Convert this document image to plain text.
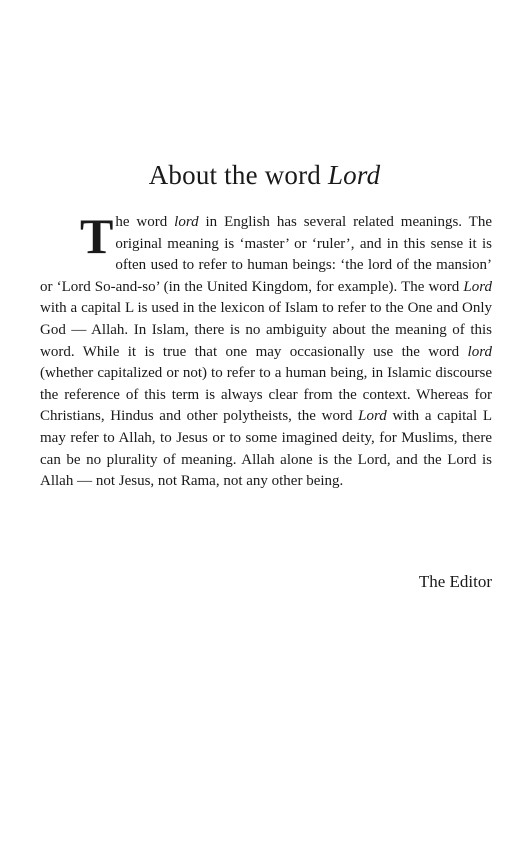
About the word Lord

The word lord in English has several related meanings. The original meaning is ‘master’ or ‘ruler’, and in this sense it is often used to refer to human beings: ‘the lord of the mansion’ or ‘Lord So-and-so’ (in the United Kingdom, for example). The word Lord with a capital L is used in the lexicon of Islam to refer to the One and Only God — Allah. In Islam, there is no ambiguity about the meaning of this word. While it is true that one may occasionally use the word lord (whether capitalized or not) to refer to a human being, in Islamic discourse the reference of this term is always clear from the context. Whereas for Christians, Hindus and other polytheists, the word Lord with a capital L may refer to Allah, to Jesus or to some imagined deity, for Muslims, there can be no plurality of meaning. Allah alone is the Lord, and the Lord is Allah — not Jesus, not Rama, not any other being.

The Editor
